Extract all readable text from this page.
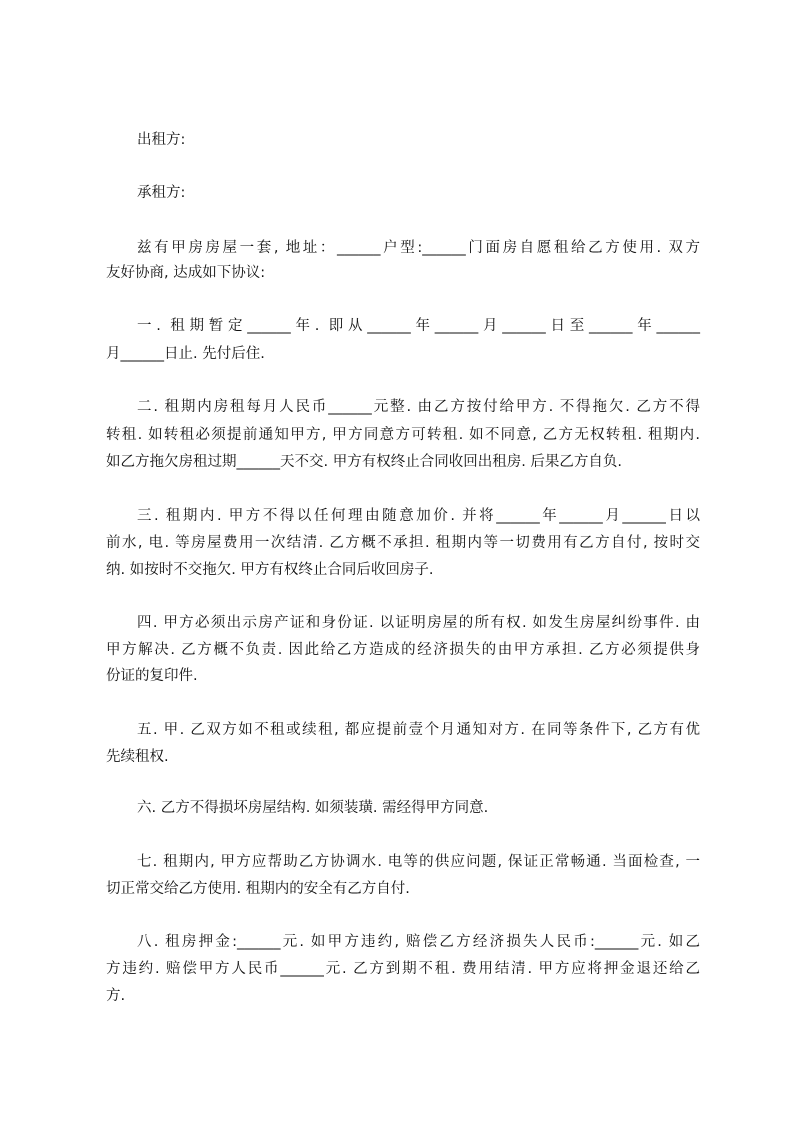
出租方:
承租方:
兹有甲房房屋一套, 地址：______户型:______门面房自愿租给乙方使用. 双方
友好协商, 达成如下协议:
一. 租期暂定______年. 即从______年______月______日至______年______
月______日止. 先付后住.
二. 租期内房租每月人民币______元整. 由乙方按付给甲方. 不得拖欠. 乙方不得
转租. 如转租必须提前通知甲方, 甲方同意方可转租. 如不同意, 乙方无权转租. 租期内.
如乙方拖欠房租过期______天不交. 甲方有权终止合同收回出租房. 后果乙方自负.
三. 租期内. 甲方不得以任何理由随意加价. 并将______年______月______日以
前水, 电. 等房屋费用一次结清. 乙方概不承担. 租期内等一切费用有乙方自付, 按时交
纳. 如按时不交拖欠. 甲方有权终止合同后收回房子.
四. 甲方必须出示房产证和身份证. 以证明房屋的所有权. 如发生房屋纠纷事件. 由
甲方解决. 乙方概不负责. 因此给乙方造成的经济损失的由甲方承担. 乙方必须提供身
份证的复印件.
五. 甲. 乙双方如不租或续租, 都应提前壹个月通知对方. 在同等条件下, 乙方有优
先续租权.
六. 乙方不得损坏房屋结构. 如须装璜. 需经得甲方同意.
七. 租期内, 甲方应帮助乙方协调水. 电等的供应问题, 保证正常畅通. 当面检查, 一
切正常交给乙方使用. 租期内的安全有乙方自付.
八. 租房押金:______元. 如甲方违约, 赔偿乙方经济损失人民币:______元. 如乙
方违约. 赔偿甲方人民币______元. 乙方到期不租. 费用结清. 甲方应将押金退还给乙
方.
